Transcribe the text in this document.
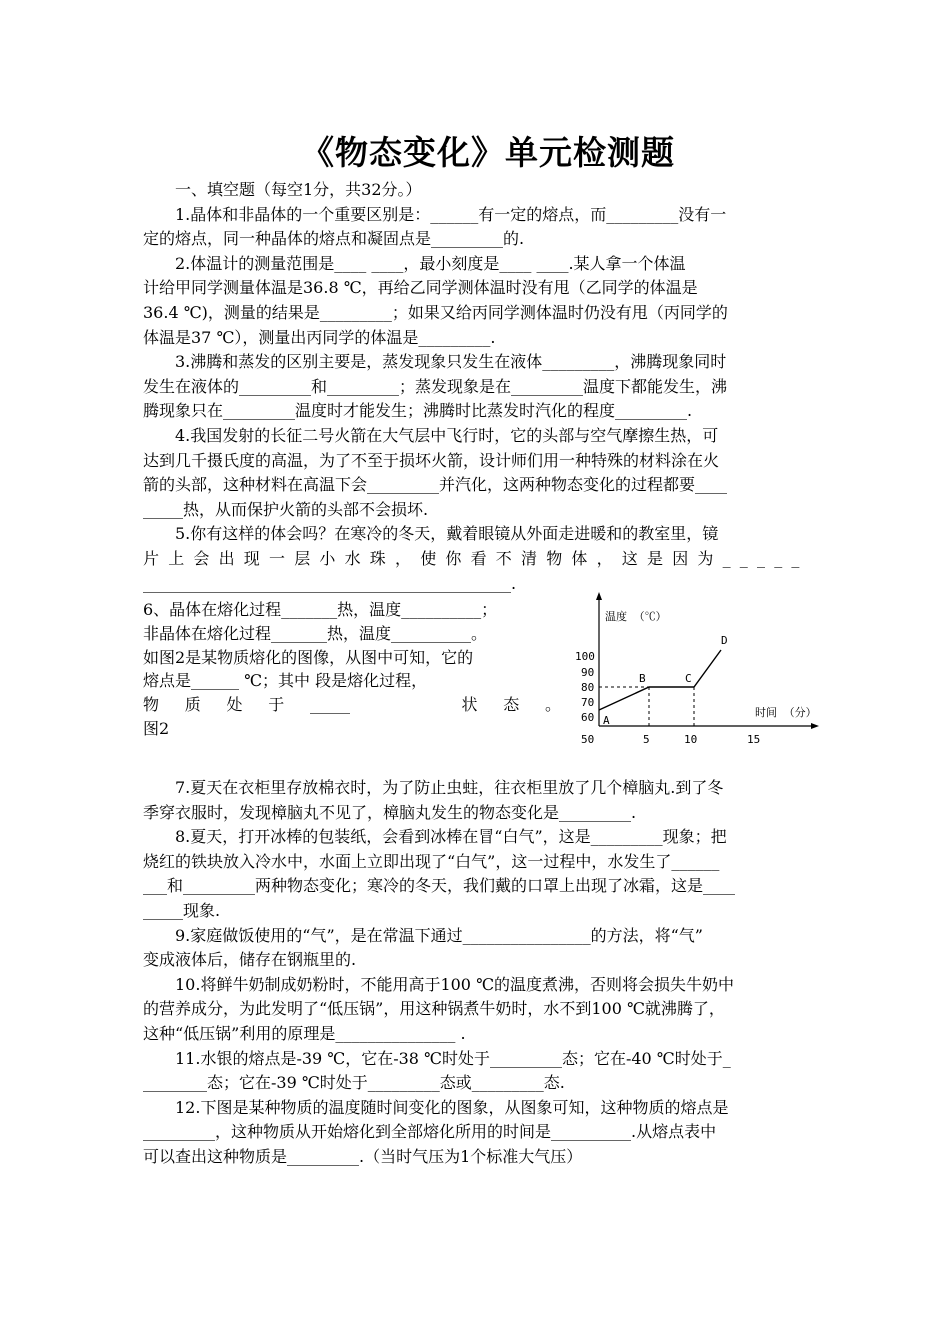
《物态变化》单元检测题
一、填空题（每空1分，共32分。）
1.晶体和非晶体的一个重要区别是：______有一定的熔点，而_________没有一
定的熔点，同一种晶体的熔点和凝固点是_________的.
2.体温计的测量范围是____ ____，最小刻度是____ ____.某人拿一个体温
计给甲同学测量体温是36.8 ℃，再给乙同学测体温时没有甩（乙同学的体温是
36.4 ℃)，测量的结果是_________；如果又给丙同学测体温时仍没有甩（丙同学的
体温是37 ℃），测量出丙同学的体温是_________.
3.沸腾和蒸发的区别主要是，蒸发现象只发生在液体_________，沸腾现象同时
发生在液体的_________和_________；蒸发现象是在_________温度下都能发生，沸
腾现象只在_________温度时才能发生；沸腾时比蒸发时汽化的程度_________.
4.我国发射的长征二号火箭在大气层中飞行时，它的头部与空气摩擦生热，可
达到几千摄氏度的高温，为了不至于损坏火箭，设计师们用一种特殊的材料涂在火
箭的头部，这种材料在高温下会_________并汽化，这两种物态变化的过程都要____
_____热，从而保护火箭的头部不会损坏.
5.你有这样的体会吗？在寒冷的冬天，戴着眼镜从外面走进暖和的教室里，镜
片上会出现一层小水珠，使你看不清物体，这是因为_____
______________________________________________.
6、晶体在熔化过程_______热，温度__________；
非晶体在熔化过程_______热，温度__________。
如图2是某物质熔化的图像，从图中可知，它的
熔点是______ ℃；其中 段是熔化过程，
物 质 处 于 _____	状 态 。
图2
温度 （℃）
时间 （分）
100
90
80
70
60
50	5	10	15
A
B	C
D
7.夏天在衣柜里存放棉衣时，为了防止虫蛀，往衣柜里放了几个樟脑丸.到了冬
季穿衣服时，发现樟脑丸不见了，樟脑丸发生的物态变化是_________.
8.夏天，打开冰棒的包装纸，会看到冰棒在冒“白气”，这是_________现象；把
烧红的铁块放入冷水中，水面上立即出现了“白气”，这一过程中，水发生了______
___和_________两种物态变化；寒冷的冬天，我们戴的口罩上出现了冰霜，这是____
_____现象.
9.家庭做饭使用的“气”，是在常温下通过________________的方法，将“气”
变成液体后，储存在钢瓶里的.
10.将鲜牛奶制成奶粉时，不能用高于100 ℃的温度煮沸，否则将会损失牛奶中
的营养成分，为此发明了“低压锅”，用这种锅煮牛奶时，水不到100 ℃就沸腾了，
这种“低压锅”利用的原理是_______________ .
11.水银的熔点是-39 ℃，它在-38 ℃时处于_________态；它在-40 ℃时处于_
________态；它在-39 ℃时处于_________态或_________态.
12.下图是某种物质的温度随时间变化的图象，从图象可知，这种物质的熔点是
_________，这种物质从开始熔化到全部熔化所用的时间是__________.从熔点表中
可以查出这种物质是_________.（当时气压为1个标准大气压）
